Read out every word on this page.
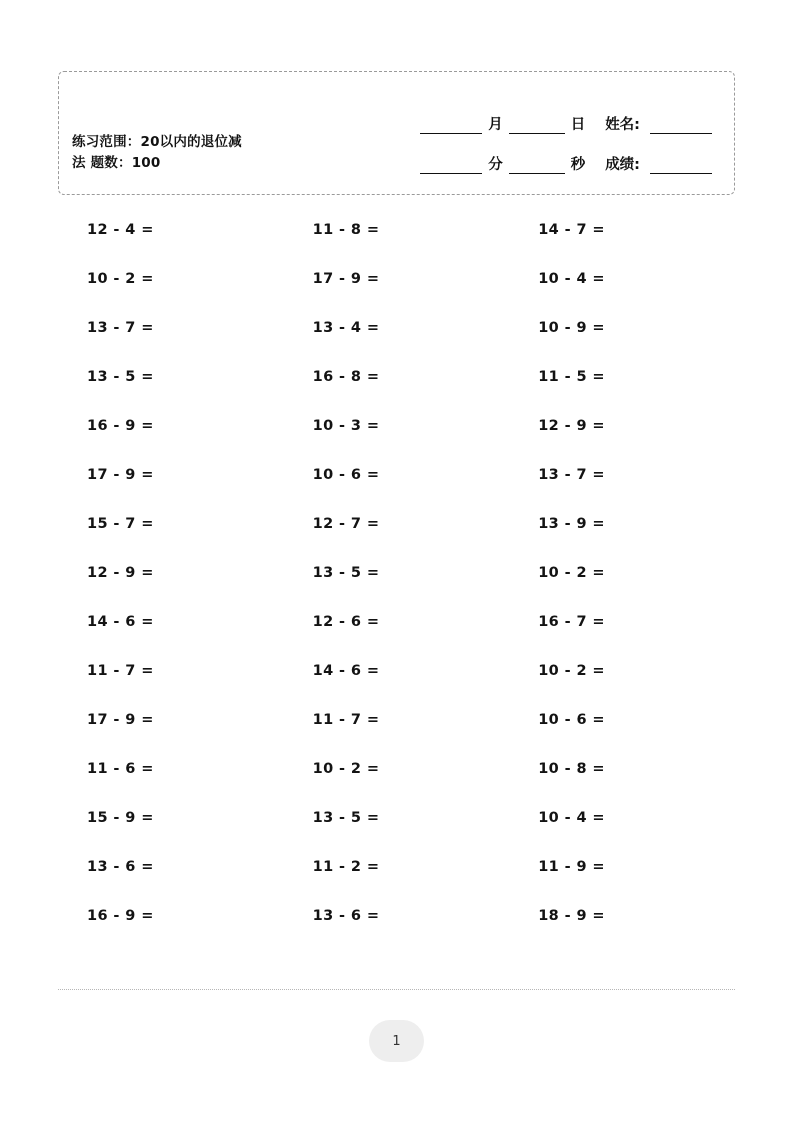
练习范围：20以内的退位减
法 题数：100
月	日	姓名:
分	秒	成绩:
12 - 4 =	11 - 8 =	14 - 7 =
10 - 2 =	17 - 9 =	10 - 4 =
13 - 7 =	13 - 4 =	10 - 9 =
13 - 5 =	16 - 8 =	11 - 5 =
16 - 9 =	10 - 3 =	12 - 9 =
17 - 9 =	10 - 6 =	13 - 7 =
15 - 7 =	12 - 7 =	13 - 9 =
12 - 9 =	13 - 5 =	10 - 2 =
14 - 6 =	12 - 6 =	16 - 7 =
11 - 7 =	14 - 6 =	10 - 2 =
17 - 9 =	11 - 7 =	10 - 6 =
11 - 6 =	10 - 2 =	10 - 8 =
15 - 9 =	13 - 5 =	10 - 4 =
13 - 6 =	11 - 2 =	11 - 9 =
16 - 9 =	13 - 6 =	18 - 9 =
1
